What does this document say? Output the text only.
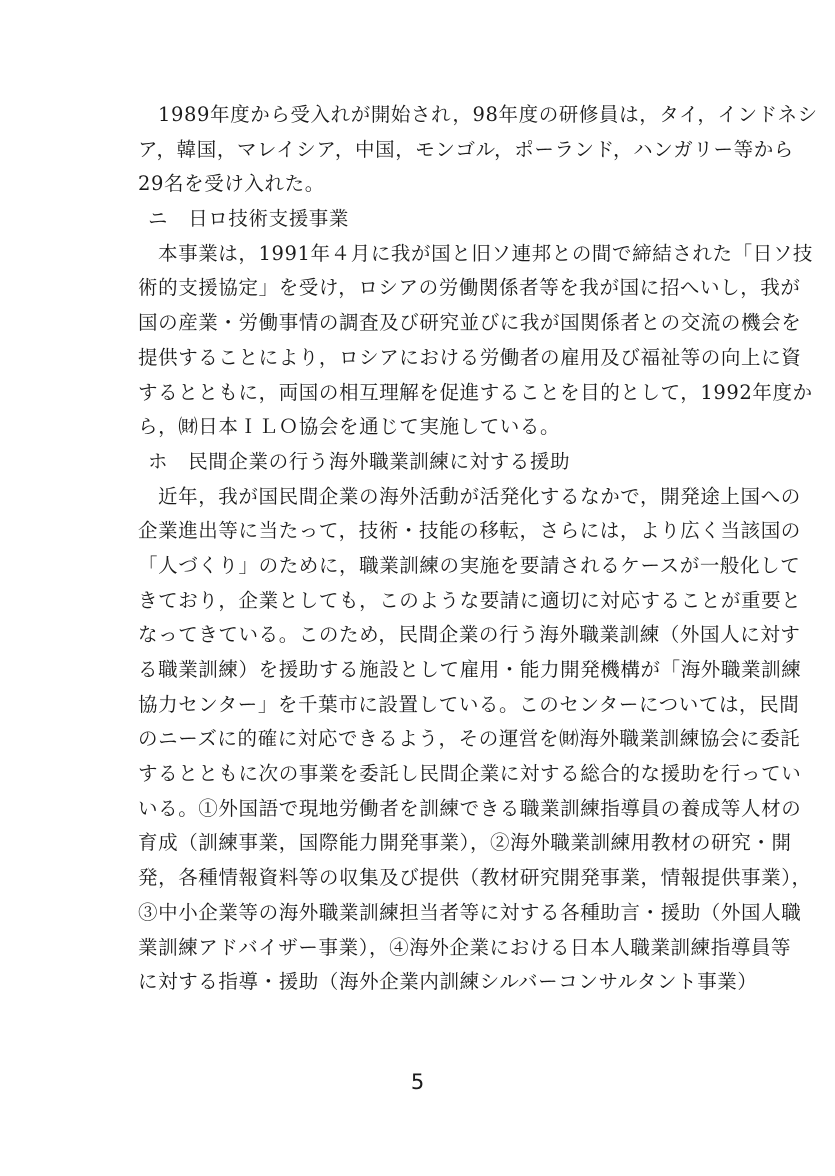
1989年度から受入れが開始され，98年度の研修員は，タイ，インドネシ
ア，韓国，マレイシア，中国，モンゴル，ポーランド，ハンガリー等から
29名を受け入れた。
ニ　日ロ技術支援事業
本事業は，1991年４月に我が国と旧ソ連邦との間で締結された「日ソ技
術的支援協定」を受け，ロシアの労働関係者等を我が国に招へいし，我が
国の産業・労働事情の調査及び研究並びに我が国関係者との交流の機会を
提供することにより，ロシアにおける労働者の雇用及び福祉等の向上に資
するとともに，両国の相互理解を促進することを目的として，1992年度か
ら，㈶日本ＩＬＯ協会を通じて実施している。
ホ　民間企業の行う海外職業訓練に対する援助
近年，我が国民間企業の海外活動が活発化するなかで，開発途上国への
企業進出等に当たって，技術・技能の移転，さらには，より広く当該国の
「人づくり」のために，職業訓練の実施を要請されるケースが一般化して
きており，企業としても，このような要請に適切に対応することが重要と
なってきている。このため，民間企業の行う海外職業訓練（外国人に対す
る職業訓練）を援助する施設として雇用・能力開発機構が「海外職業訓練
協力センター」を千葉市に設置している。このセンターについては，民間
のニーズに的確に対応できるよう，その運営を㈶海外職業訓練協会に委託
するとともに次の事業を委託し民間企業に対する総合的な援助を行ってい
いる。①外国語で現地労働者を訓練できる職業訓練指導員の養成等人材の
育成（訓練事業，国際能力開発事業），②海外職業訓練用教材の研究・開
発，各種情報資料等の収集及び提供（教材研究開発事業，情報提供事業），
③中小企業等の海外職業訓練担当者等に対する各種助言・援助（外国人職
業訓練アドバイザー事業），④海外企業における日本人職業訓練指導員等
に対する指導・援助（海外企業内訓練シルバーコンサルタント事業）
5
